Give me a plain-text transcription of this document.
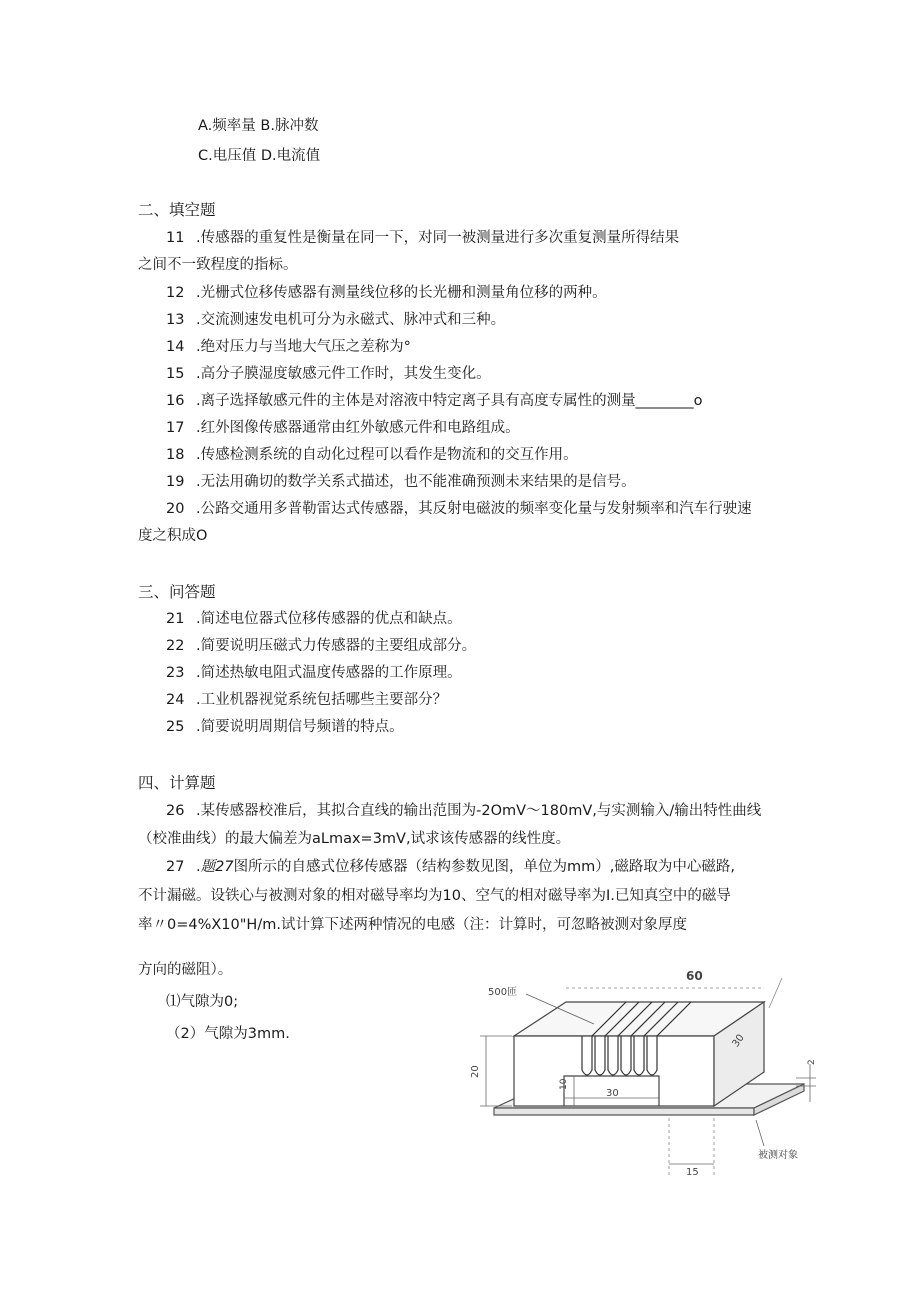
A.频率量 B.脉冲数
C.电压值 D.电流值
二、填空题
11 .传感器的重复性是衡量在同一下，对同一被测量进行多次重复测量所得结果
之间不一致程度的指标。
12 .光栅式位移传感器有测量线位移的长光栅和测量角位移的两种。
13 .交流测速发电机可分为永磁式、脉冲式和三种。
14 .绝对压力与当地大气压之差称为°
15 .高分子膜湿度敏感元件工作时，其发生变化。
16 .离子选择敏感元件的主体是对溶液中特定离子具有高度专属性的测量________o
17 .红外图像传感器通常由红外敏感元件和电路组成。
18 .传感检测系统的自动化过程可以看作是物流和的交互作用。
19 .无法用确切的数学关系式描述，也不能准确预测未来结果的是信号。
20 .公路交通用多普勒雷达式传感器，其反射电磁波的频率变化量与发射频率和汽车行驶速
度之积成O
三、问答题
21 .简述电位器式位移传感器的优点和缺点。
22 .简要说明压磁式力传感器的主要组成部分。
23 .简述热敏电阻式温度传感器的工作原理。
24 .工业机器视觉系统包括哪些主要部分？
25 .简要说明周期信号频谱的特点。
四、计算题
26 .某传感器校准后，其拟合直线的输出范围为-2OmV～180mV,与实测输入/输出特性曲线
（校准曲线）的最大偏差为aLmax=3mV,试求该传感器的线性度。
27 .题27图所示的自感式位移传感器（结构参数见图，单位为mm）,磁路取为中心磁路,
不计漏磁。设铁心与被测对象的相对磁导率均为10、空气的相对磁导率为I.已知真空中的磁导
率〃0=4%X10"H/m.试计算下述两种情况的电感（注：计算时，可忽略被测对象厚度
方向的磁阻）。
⑴气隙为0;
（2）气隙为3mm.
500匝
60
30
2
20
10
30
15
被测对象
